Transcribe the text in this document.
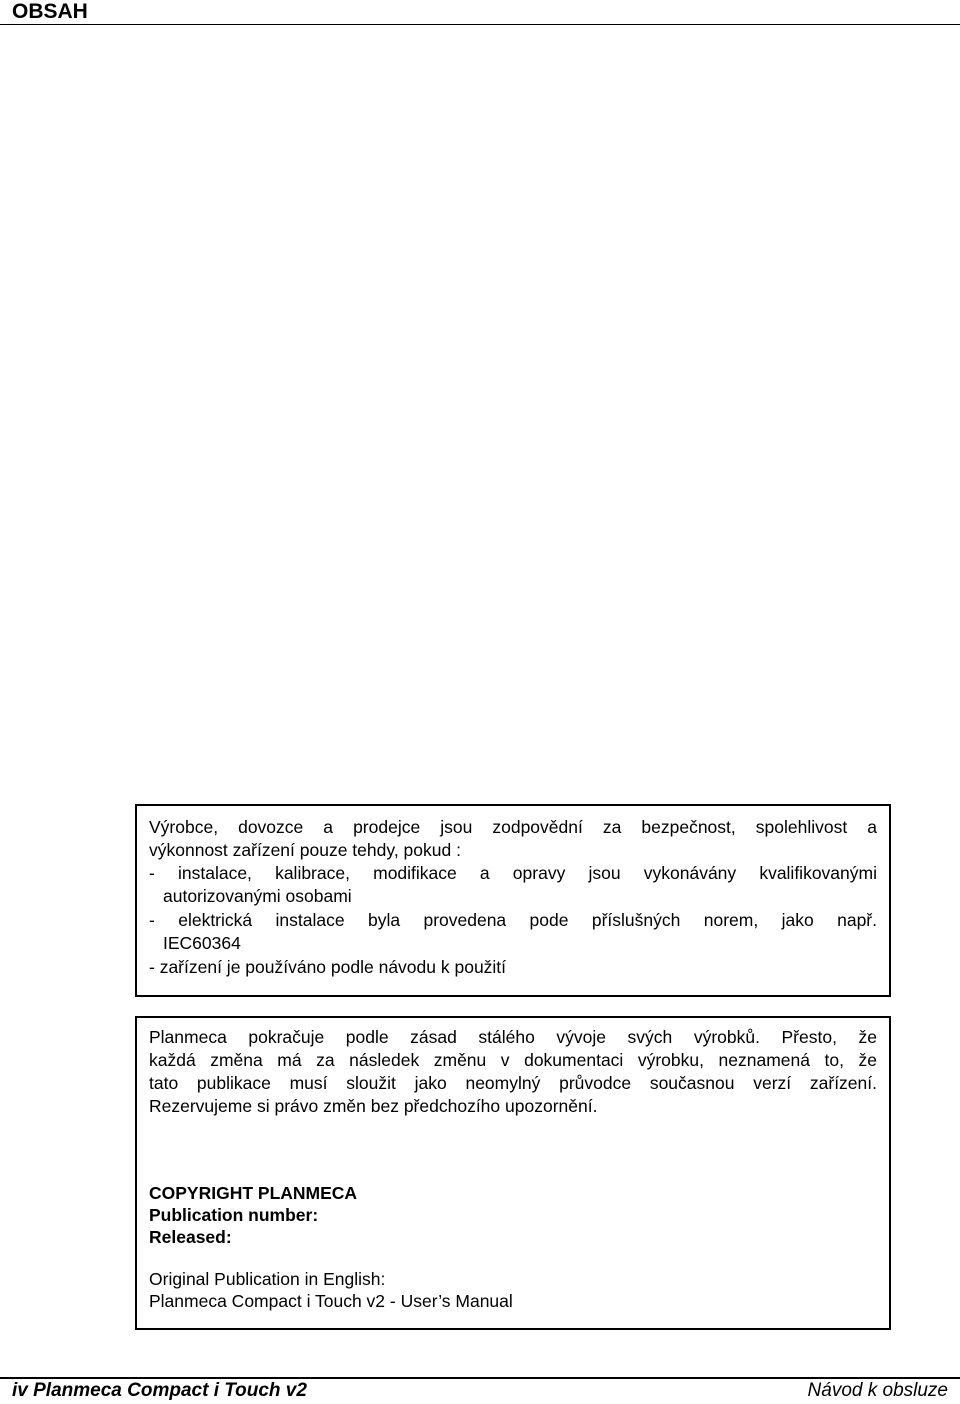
OBSAH
Výrobce, dovozce a prodejce jsou zodpovědní za bezpečnost, spolehlivost a
výkonnost zařízení pouze tehdy, pokud :
- instalace, kalibrace, modifikace a opravy jsou vykonávány kvalifikovanými
autorizovanými osobami
- elektrická instalace byla provedena pode příslušných norem, jako např.
IEC60364
- zařízení je používáno podle návodu k použití
Planmeca pokračuje podle zásad stálého vývoje svých výrobků. Přesto, že
každá změna má za následek změnu v dokumentaci výrobku, neznamená to, že
tato publikace musí sloužit jako neomylný průvodce současnou verzí zařízení.
Rezervujeme si právo změn bez předchozího upozornění.
COPYRIGHT PLANMECA
Publication number:
Released:
Original Publication in English:
Planmeca Compact i Touch v2 - User’s Manual
iv Planmeca Compact i Touch v2	Návod k obsluze
